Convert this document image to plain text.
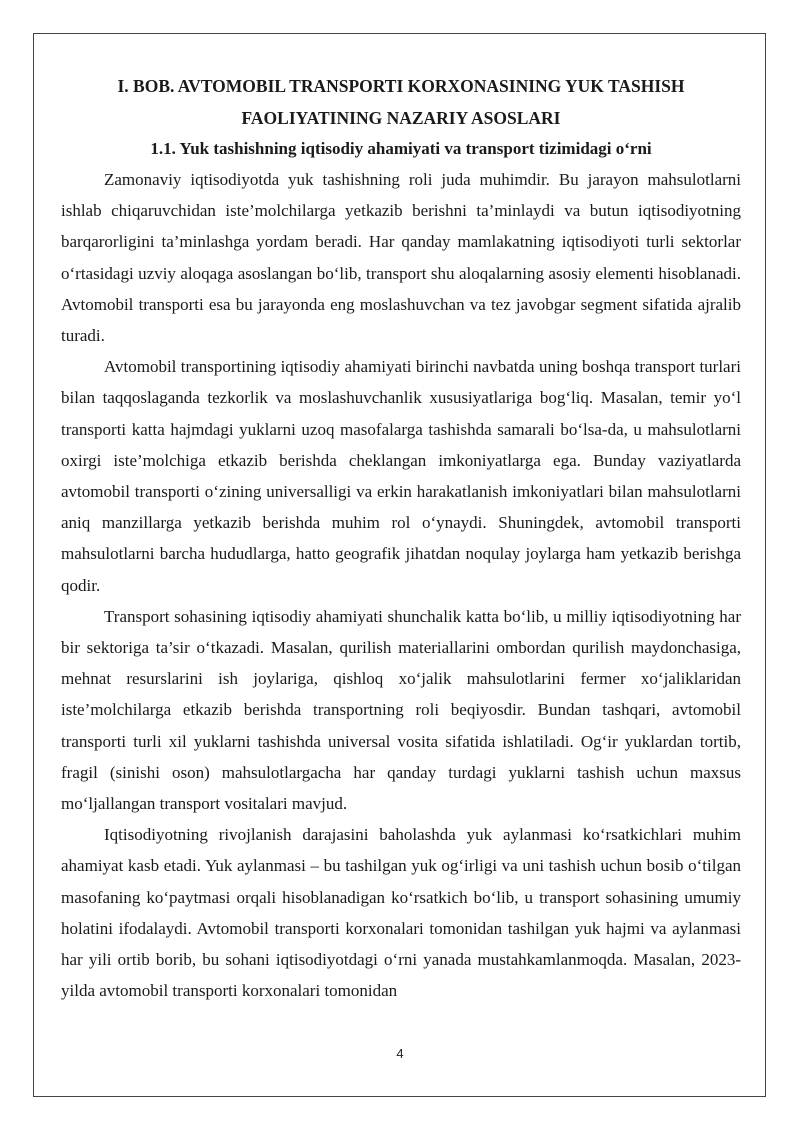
I. BOB. AVTOMOBIL TRANSPORTI KORXONASINING YUK TASHISH
FAOLIYATINING NAZARIY ASOSLARI
1.1. Yuk tashishning iqtisodiy ahamiyati va transport tizimidagi o‘rni

Zamonaviy iqtisodiyotda yuk tashishning roli juda muhimdir. Bu jarayon mahsulotlarni ishlab chiqaruvchidan iste’molchilarga yetkazib berishni ta’minlaydi va butun iqtisodiyotning barqarorligini ta’minlashga yordam beradi. Har qanday mamlakatning iqtisodiyoti turli sektorlar o‘rtasidagi uzviy aloqaga asoslangan bo‘lib, transport shu aloqalarning asosiy elementi hisoblanadi. Avtomobil transporti esa bu jarayonda eng moslashuvchan va tez javobgar segment sifatida ajralib turadi.

Avtomobil transportining iqtisodiy ahamiyati birinchi navbatda uning boshqa transport turlari bilan taqqoslaganda tezkorlik va moslashuvchanlik xususiyatlariga bog‘liq. Masalan, temir yo‘l transporti katta hajmdagi yuklarni uzoq masofalarga tashishda samarali bo‘lsa-da, u mahsulotlarni oxirgi iste’molchiga etkazib berishda cheklangan imkoniyatlarga ega. Bunday vaziyatlarda avtomobil transporti o‘zining universalligi va erkin harakatlanish imkoniyatlari bilan mahsulotlarni aniq manzillarga yetkazib berishda muhim rol o‘ynaydi. Shuningdek, avtomobil transporti mahsulotlarni barcha hududlarga, hatto geografik jihatdan noqulay joylarga ham yetkazib berishga qodir.

Transport sohasining iqtisodiy ahamiyati shunchalik katta bo‘lib, u milliy iqtisodiyotning har bir sektoriga ta’sir o‘tkazadi. Masalan, qurilish materiallarini ombordan qurilish maydonchasiga, mehnat resurslarini ish joylariga, qishloq xo‘jalik mahsulotlarini fermer xo‘jaliklaridan iste’molchilarga etkazib berishda transportning roli beqiyosdir. Bundan tashqari, avtomobil transporti turli xil yuklarni tashishda universal vosita sifatida ishlatiladi. Og‘ir yuklardan tortib, fragil (sinishi oson) mahsulotlargacha har qanday turdagi yuklarni tashish uchun maxsus mo‘ljallangan transport vositalari mavjud.

Iqtisodiyotning rivojlanish darajasini baholashda yuk aylanmasi ko‘rsatkichlari muhim ahamiyat kasb etadi. Yuk aylanmasi – bu tashilgan yuk og‘irligi va uni tashish uchun bosib o‘tilgan masofaning ko‘paytmasi orqali hisoblanadigan ko‘rsatkich bo‘lib, u transport sohasining umumiy holatini ifodalaydi. Avtomobil transporti korxonalari tomonidan tashilgan yuk hajmi va aylanmasi har yili ortib borib, bu sohani iqtisodiyotdagi o‘rni yanada mustahkamlanmoqda. Masalan, 2023-yilda avtomobil transporti korxonalari tomonidan

4
